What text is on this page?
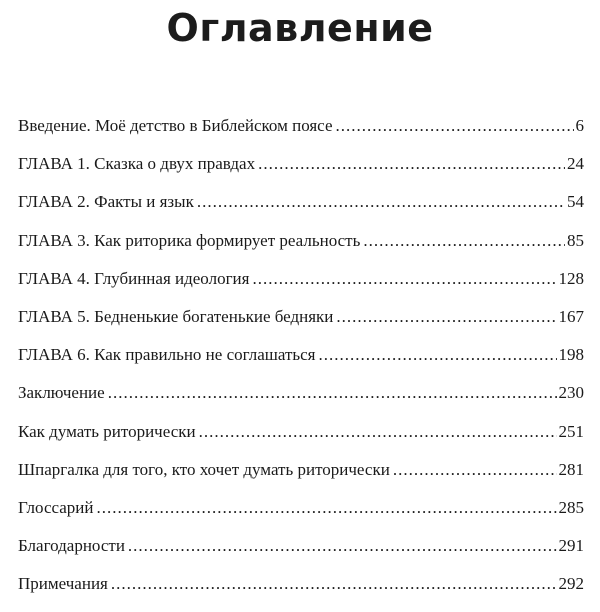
Оглавление
Введение. Моё детство в Библейском поясе .....	6
ГЛАВА 1. Сказка о двух правдах .....	24
ГЛАВА 2. Факты и язык .....	54
ГЛАВА 3. Как риторика формирует реальность .....	85
ГЛАВА 4. Глубинная идеология .....	128
ГЛАВА 5. Бедненькие богатенькие бедняки .....	167
ГЛАВА 6. Как правильно не соглашаться .....	198
Заключение .....	230
Как думать риторически .....	251
Шпаргалка для того, кто хочет думать риторически .....	281
Глоссарий .....	285
Благодарности .....	291
Примечания .....	292
